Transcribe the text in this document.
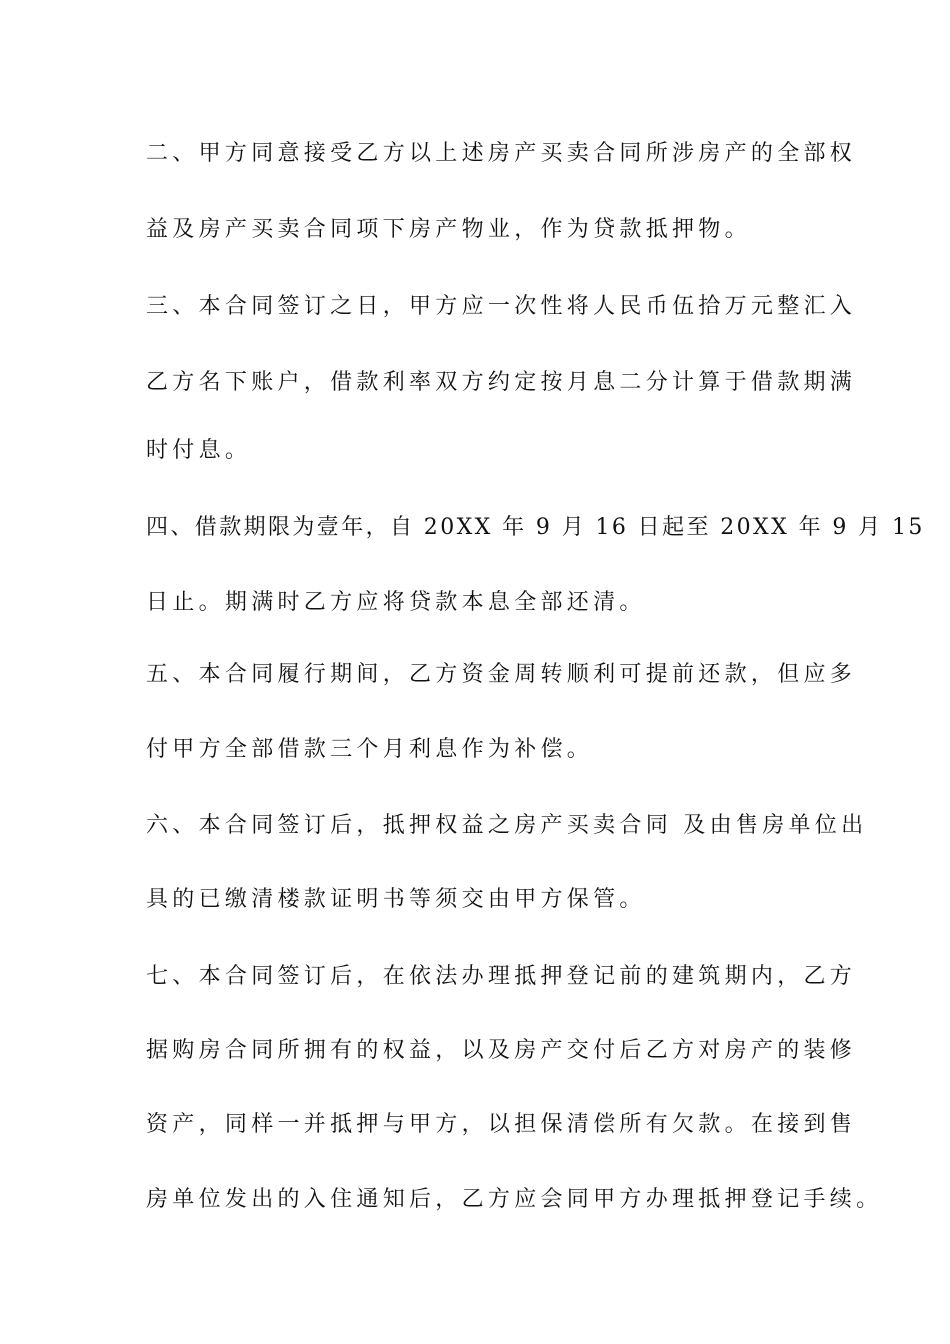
二、甲方同意接受乙方以上述房产买卖合同所涉房产的全部权
益及房产买卖合同项下房产物业，作为贷款抵押物。
三、本合同签订之日，甲方应一次性将人民币伍拾万元整汇入
乙方名下账户，借款利率双方约定按月息二分计算于借款期满
时付息。
四、借款期限为壹年，自 20XX 年 9 月 16 日起至 20XX 年 9 月 15
日止。期满时乙方应将贷款本息全部还清。
五、本合同履行期间，乙方资金周转顺利可提前还款，但应多
付甲方全部借款三个月利息作为补偿。
六、本合同签订后，抵押权益之房产买卖合同 及由售房单位出
具的已缴清楼款证明书等须交由甲方保管。
七、本合同签订后，在依法办理抵押登记前的建筑期内，乙方
据购房合同所拥有的权益，以及房产交付后乙方对房产的装修
资产，同样一并抵押与甲方，以担保清偿所有欠款。在接到售
房单位发出的入住通知后，乙方应会同甲方办理抵押登记手续。
